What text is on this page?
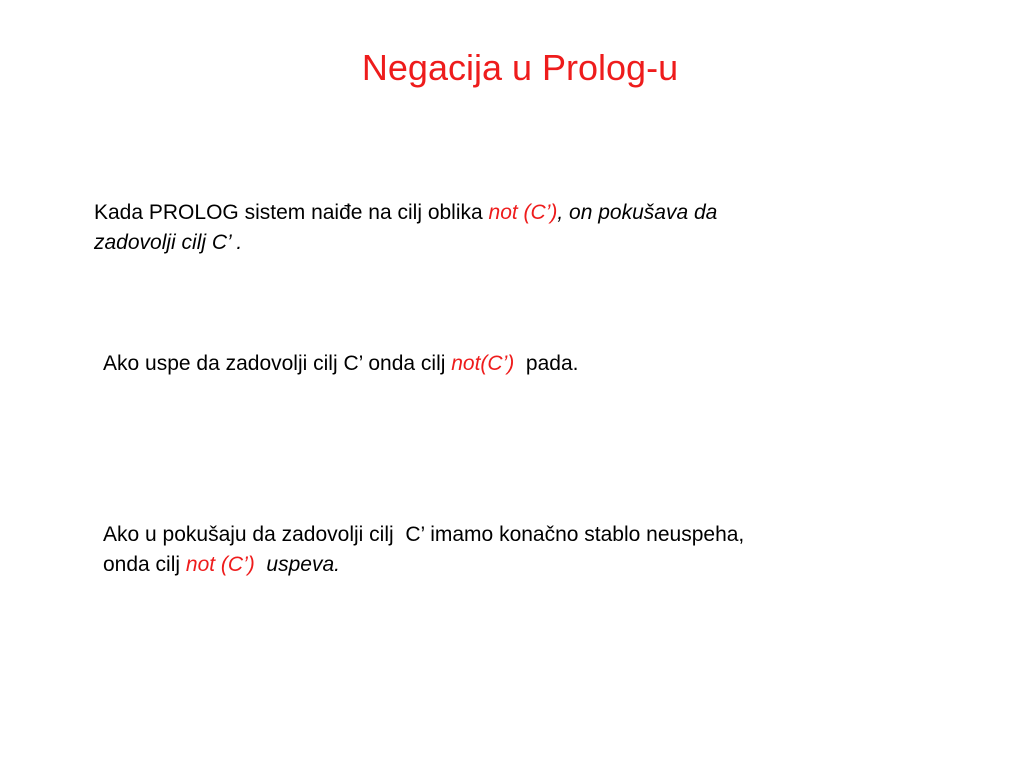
Negacija u Prolog-u
Kada PROLOG sistem naiđe na cilj oblika not (C’), on pokušava da
zadovolji cilj C’ .
Ako uspe da zadovolji cilj C’ onda cilj not(C’)  pada.
Ako u pokušaju da zadovolji cilj  C’ imamo konačno stablo neuspeha,
onda cilj not (C’)  uspeva.
